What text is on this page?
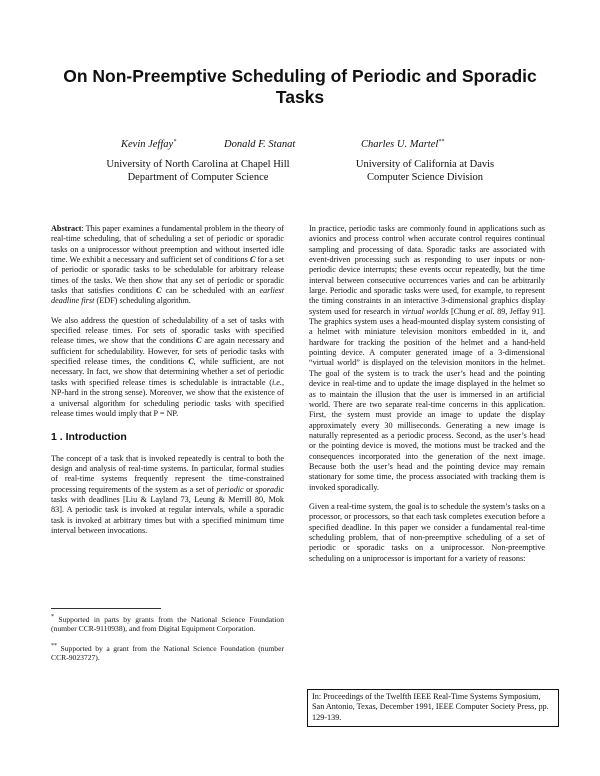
On Non-Preemptive Scheduling of Periodic and Sporadic Tasks
Kevin Jeffay*	Donald F. Stanat	Charles U. Martel**
University of North Carolina at Chapel Hill
Department of Computer Science
University of California at Davis
Computer Science Division

Abstract: This paper examines a fundamental problem in the theory of real-time scheduling, that of scheduling a set of periodic or sporadic tasks on a uniprocessor without preemption and without inserted idle time. We exhibit a necessary and sufficient set of conditions C for a set of periodic or sporadic tasks to be schedulable for arbitrary release times of the tasks. We then show that any set of periodic or sporadic tasks that satisfies conditions C can be scheduled with an earliest deadline first (EDF) scheduling algorithm.

We also address the question of schedulability of a set of tasks with specified release times. For sets of sporadic tasks with specified release times, we show that the conditions C are again necessary and sufficient for schedulability. However, for sets of periodic tasks with specified release times, the conditions C, while sufficient, are not necessary. In fact, we show that determining whether a set of periodic tasks with specified release times is schedulable is intractable (i.e., NP-hard in the strong sense). Moreover, we show that the existence of a universal algorithm for scheduling periodic tasks with specified release times would imply that P = NP.

1 . Introduction

The concept of a task that is invoked repeatedly is central to both the design and analysis of real-time systems. In particular, formal studies of real-time systems frequently represent the time-constrained processing requirements of the system as a set of periodic or sporadic tasks with deadlines [Liu & Layland 73, Leung & Merrill 80, Mok 83]. A periodic task is invoked at regular intervals, while a sporadic task is invoked at arbitrary times but with a specified minimum time interval between invocations.

* Supported in parts by grants from the National Science Foundation (number CCR-9110938), and from Digital Equipment Corporation.
** Supported by a grant from the National Science Foundation (number CCR-9023727).

In practice, periodic tasks are commonly found in applications such as avionics and process control when accurate control requires continual sampling and processing of data. Sporadic tasks are associated with event-driven processing such as responding to user inputs or non-periodic device interrupts; these events occur repeatedly, but the time interval between consecutive occurrences varies and can be arbitrarily large. Periodic and sporadic tasks were used, for example, to represent the timing constraints in an interactive 3-dimensional graphics display system used for research in virtual worlds [Chung et al. 89, Jeffay 91]. The graphics system uses a head-mounted display system consisting of a helmet with miniature television monitors embedded in it, and hardware for tracking the position of the helmet and a hand-held pointing device. A computer generated image of a 3-dimensional “virtual world” is displayed on the television monitors in the helmet. The goal of the system is to track the user’s head and the pointing device in real-time and to update the image displayed in the helmet so as to maintain the illusion that the user is immersed in an artificial world. There are two separate real-time concerns in this application. First, the system must provide an image to update the display approximately every 30 milliseconds. Generating a new image is naturally represented as a periodic process. Second, as the user’s head or the pointing device is moved, the motions must be tracked and the consequences incorporated into the generation of the next image. Because both the user’s head and the pointing device may remain stationary for some time, the process associated with tracking them is invoked sporadically.

Given a real-time system, the goal is to schedule the system’s tasks on a processor, or processors, so that each task completes execution before a specified deadline. In this paper we consider a fundamental real-time scheduling problem, that of non-preemptive scheduling of a set of periodic or sporadic tasks on a uniprocessor. Non-preemptive scheduling on a uniprocessor is important for a variety of reasons:

In: Proceedings of the Twelfth IEEE Real-Time Systems Symposium, San Antonio, Texas, December 1991, IEEE Computer Society Press, pp. 129-139.
